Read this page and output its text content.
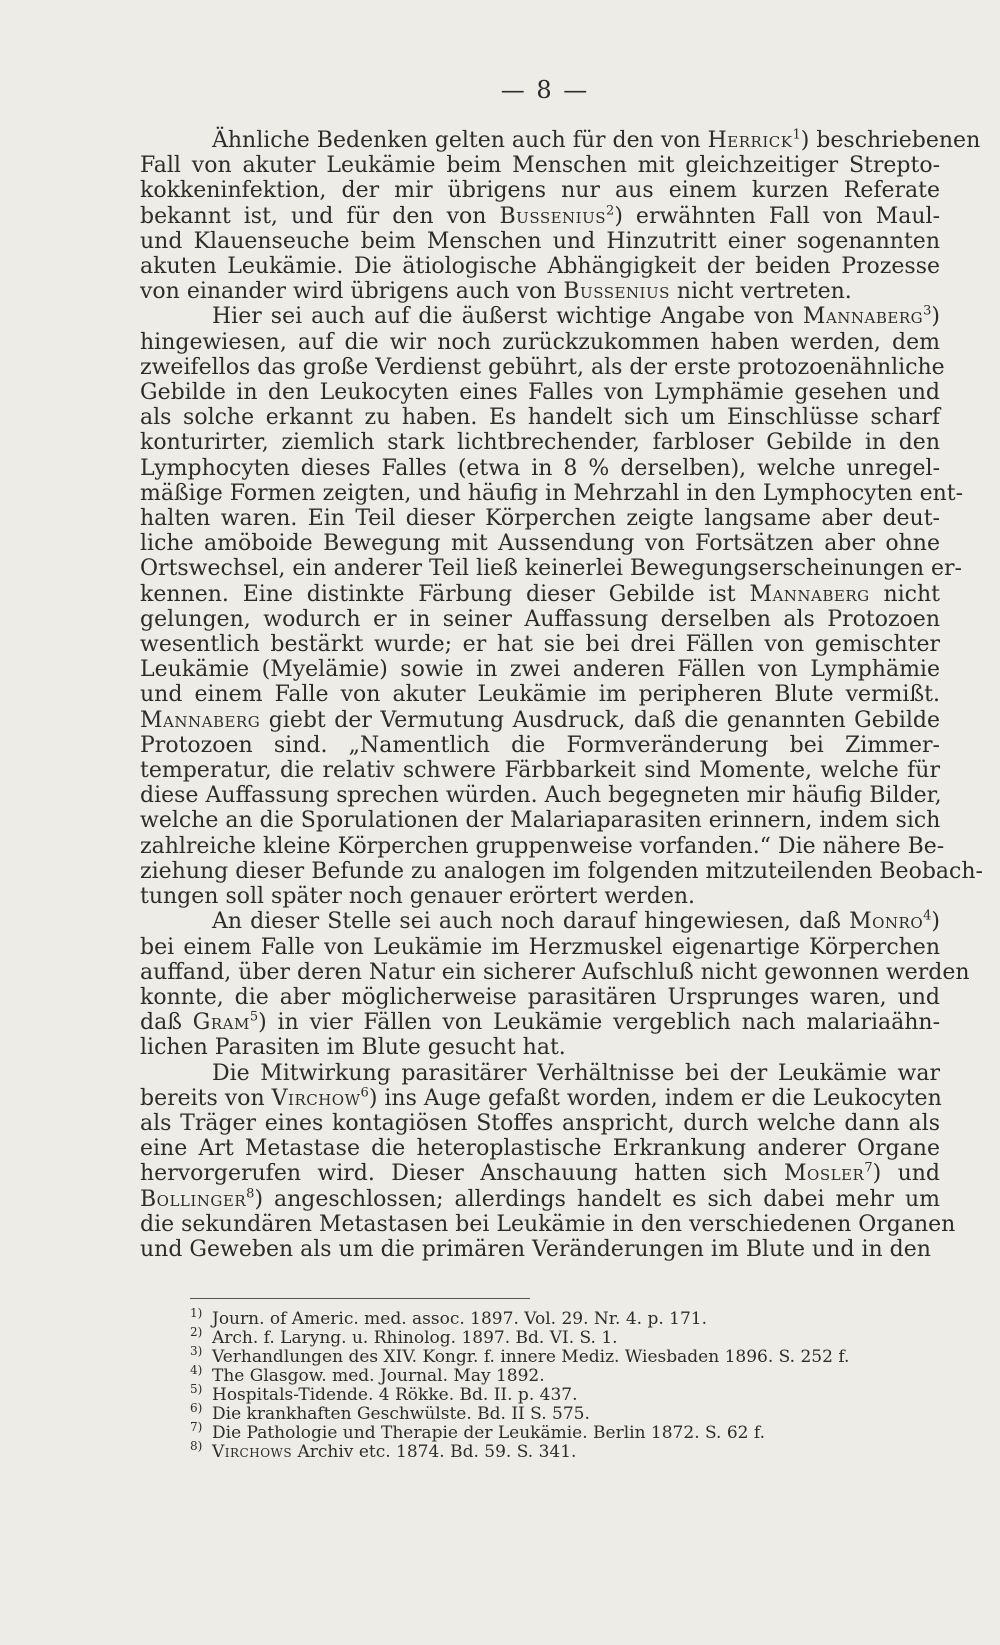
— 8 —
Ähnliche Bedenken gelten auch für den von Herrick$^1$) beschriebenen
Fall von akuter Leukämie beim Menschen mit gleichzeitiger Strepto-
kokkeninfektion, der mir übrigens nur aus einem kurzen Referate
bekannt ist, und für den von Bussenius$^2$) erwähnten Fall von Maul-
und Klauenseuche beim Menschen und Hinzutritt einer sogenannten
akuten Leukämie. Die ätiologische Abhängigkeit der beiden Prozesse
von einander wird übrigens auch von Bussenius nicht vertreten.
Hier sei auch auf die äußerst wichtige Angabe von Mannaberg$^3$)
hingewiesen, auf die wir noch zurückzukommen haben werden, dem
zweifellos das große Verdienst gebührt, als der erste protozoenähnliche
Gebilde in den Leukocyten eines Falles von Lymphämie gesehen und
als solche erkannt zu haben. Es handelt sich um Einschlüsse scharf
konturirter, ziemlich stark lichtbrechender, farbloser Gebilde in den
Lymphocyten dieses Falles (etwa in 8 % derselben), welche unregel-
mäßige Formen zeigten, und häufig in Mehrzahl in den Lymphocyten ent-
halten waren. Ein Teil dieser Körperchen zeigte langsame aber deut-
liche amöboide Bewegung mit Aussendung von Fortsätzen aber ohne
Ortswechsel, ein anderer Teil ließ keinerlei Bewegungserscheinungen er-
kennen. Eine distinkte Färbung dieser Gebilde ist Mannaberg nicht
gelungen, wodurch er in seiner Auffassung derselben als Protozoen
wesentlich bestärkt wurde; er hat sie bei drei Fällen von gemischter
Leukämie (Myelämie) sowie in zwei anderen Fällen von Lymphämie
und einem Falle von akuter Leukämie im peripheren Blute vermißt.
Mannaberg giebt der Vermutung Ausdruck, daß die genannten Gebilde
Protozoen sind. „Namentlich die Formveränderung bei Zimmer-
temperatur, die relativ schwere Färbbarkeit sind Momente, welche für
diese Auffassung sprechen würden. Auch begegneten mir häufig Bilder,
welche an die Sporulationen der Malariaparasiten erinnern, indem sich
zahlreiche kleine Körperchen gruppenweise vorfanden.“ Die nähere Be-
ziehung dieser Befunde zu analogen im folgenden mitzuteilenden Beobach-
tungen soll später noch genauer erörtert werden.
An dieser Stelle sei auch noch darauf hingewiesen, daß Monro$^4$)
bei einem Falle von Leukämie im Herzmuskel eigenartige Körperchen
auffand, über deren Natur ein sicherer Aufschluß nicht gewonnen werden
konnte, die aber möglicherweise parasitären Ursprunges waren, und
daß Gram$^5$) in vier Fällen von Leukämie vergeblich nach malariaähn-
lichen Parasiten im Blute gesucht hat.
Die Mitwirkung parasitärer Verhältnisse bei der Leukämie war
bereits von Virchow$^6$) ins Auge gefaßt worden, indem er die Leukocyten
als Träger eines kontagiösen Stoffes anspricht, durch welche dann als
eine Art Metastase die heteroplastische Erkrankung anderer Organe
hervorgerufen wird. Dieser Anschauung hatten sich Mosler$^7$) und
Bollinger$^8$) angeschlossen; allerdings handelt es sich dabei mehr um
die sekundären Metastasen bei Leukämie in den verschiedenen Organen
und Geweben als um die primären Veränderungen im Blute und in den
1) Journ. of Americ. med. assoc. 1897. Vol. 29. Nr. 4. p. 171.
2) Arch. f. Laryng. u. Rhinolog. 1897. Bd. VI. S. 1.
3) Verhandlungen des XIV. Kongr. f. innere Mediz. Wiesbaden 1896. S. 252 f.
4) The Glasgow. med. Journal. May 1892.
5) Hospitals-Tidende. 4 Rökke. Bd. II. p. 437.
6) Die krankhaften Geschwülste. Bd. II S. 575.
7) Die Pathologie und Therapie der Leukämie. Berlin 1872. S. 62 f.
8) Virchows Archiv etc. 1874. Bd. 59. S. 341.
